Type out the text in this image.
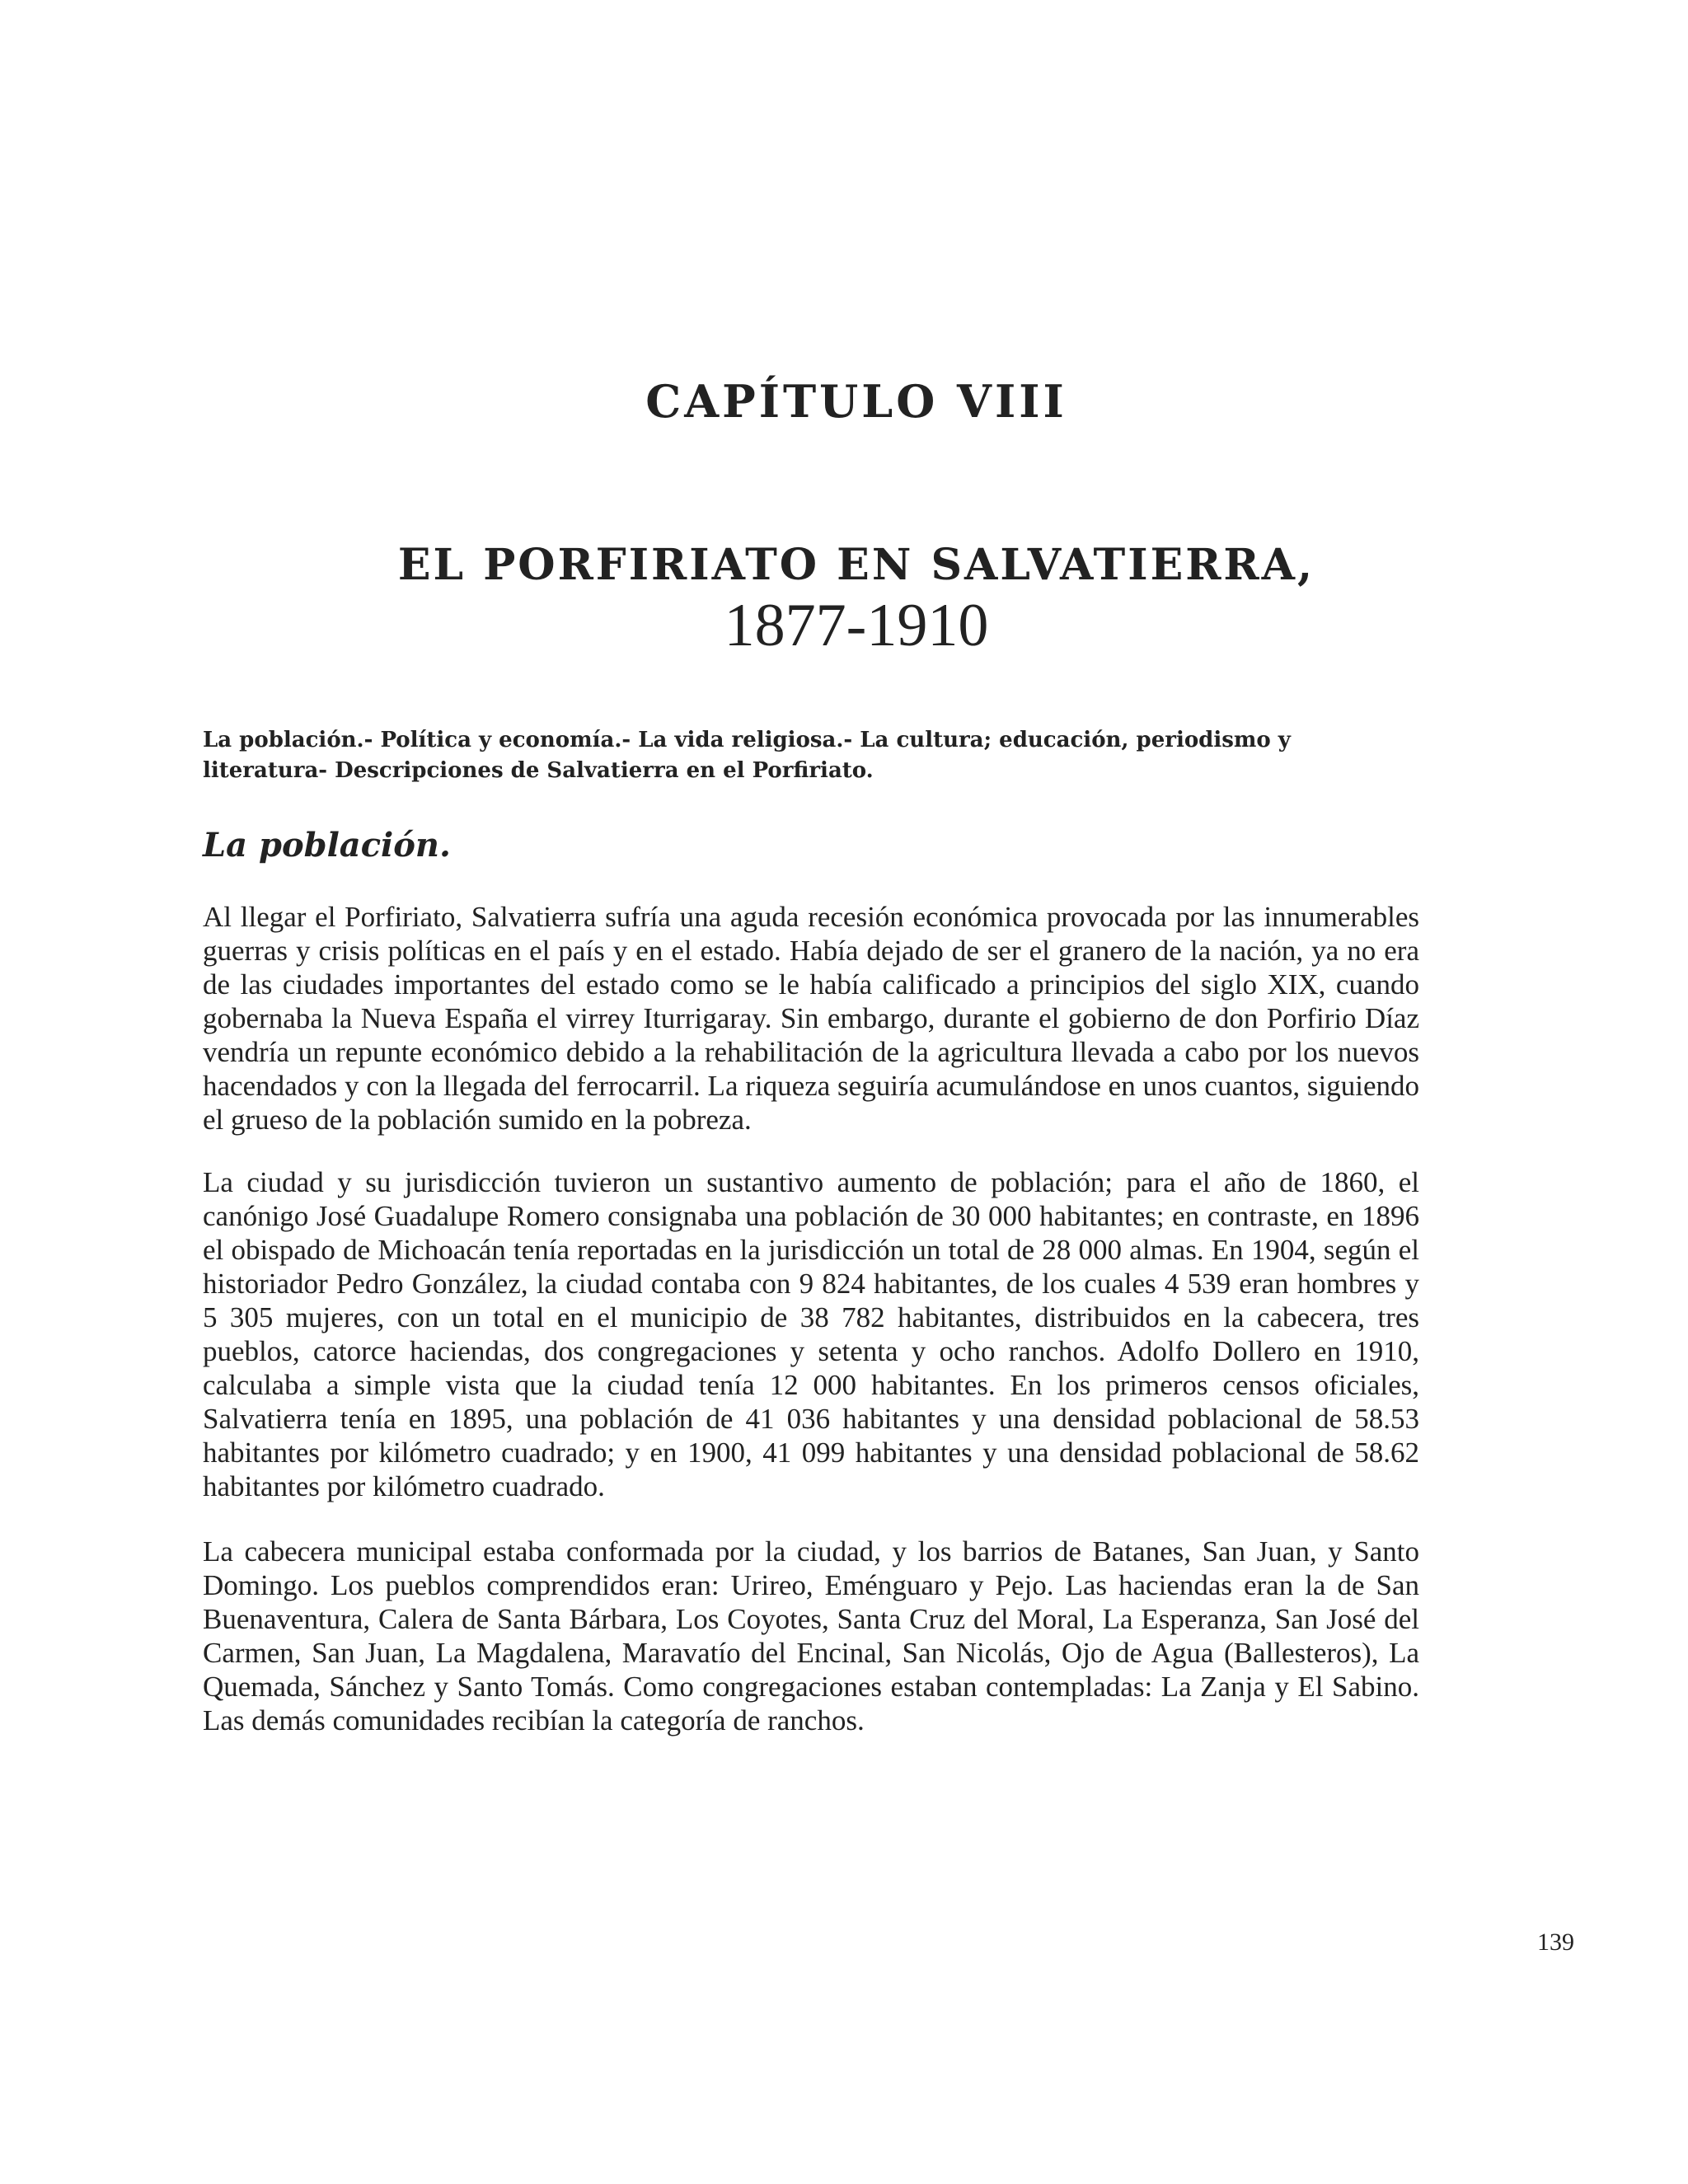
CAPÍTULO VIII
EL PORFIRIATO EN SALVATIERRA,
1877-1910
La población.- Política y economía.- La vida religiosa.- La cultura; educación, periodismo y literatura- Descripciones de Salvatierra en el Porfiriato.
La población.

Al llegar el Porfiriato, Salvatierra sufría una aguda recesión económica provocada por las innumerables guerras y crisis políticas en el país y en el estado. Había dejado de ser el granero de la nación, ya no era de las ciudades importantes del estado como se le había calificado a principios del siglo XIX, cuando gobernaba la Nueva España el virrey Iturrigaray. Sin embargo, durante el gobierno de don Porfirio Díaz vendría un repunte económico debido a la rehabilitación de la agricultura llevada a cabo por los nuevos hacendados y con la llegada del ferrocarril. La riqueza seguiría acumulándose en unos cuantos, siguiendo el grueso de la población sumido en la pobreza.

La ciudad y su jurisdicción tuvieron un sustantivo aumento de población; para el año de 1860, el canónigo José Guadalupe Romero consignaba una población de 30 000 habitantes; en contraste, en 1896 el obispado de Michoacán tenía reportadas en la jurisdicción un total de 28 000 almas. En 1904, según el historiador Pedro González, la ciudad contaba con 9 824 habitantes, de los cuales 4 539 eran hombres y 5 305 mujeres, con un total en el municipio de 38 782 habitantes, distribuidos en la cabecera, tres pueblos, catorce haciendas, dos congregaciones y setenta y ocho ranchos. Adolfo Dollero en 1910, calculaba a simple vista que la ciudad tenía 12 000 habitantes. En los primeros censos oficiales, Salvatierra tenía en 1895, una población de 41 036 habitantes y una densidad poblacional de 58.53 habitantes por kilómetro cuadrado; y en 1900, 41 099 habitantes y una densidad poblacional de 58.62 habitantes por kilómetro cuadrado.

La cabecera municipal estaba conformada por la ciudad, y los barrios de Batanes, San Juan, y Santo Domingo. Los pueblos comprendidos eran: Urireo, Eménguaro y Pejo. Las haciendas eran la de San Buenaventura, Calera de Santa Bárbara, Los Coyotes, Santa Cruz del Moral, La Esperanza, San José del Carmen, San Juan, La Magdalena, Maravatío del Encinal, San Nicolás, Ojo de Agua (Ballesteros), La Quemada, Sánchez y Santo Tomás. Como congregaciones estaban contempladas: La Zanja y El Sabino. Las demás comunidades recibían la categoría de ranchos.

139
